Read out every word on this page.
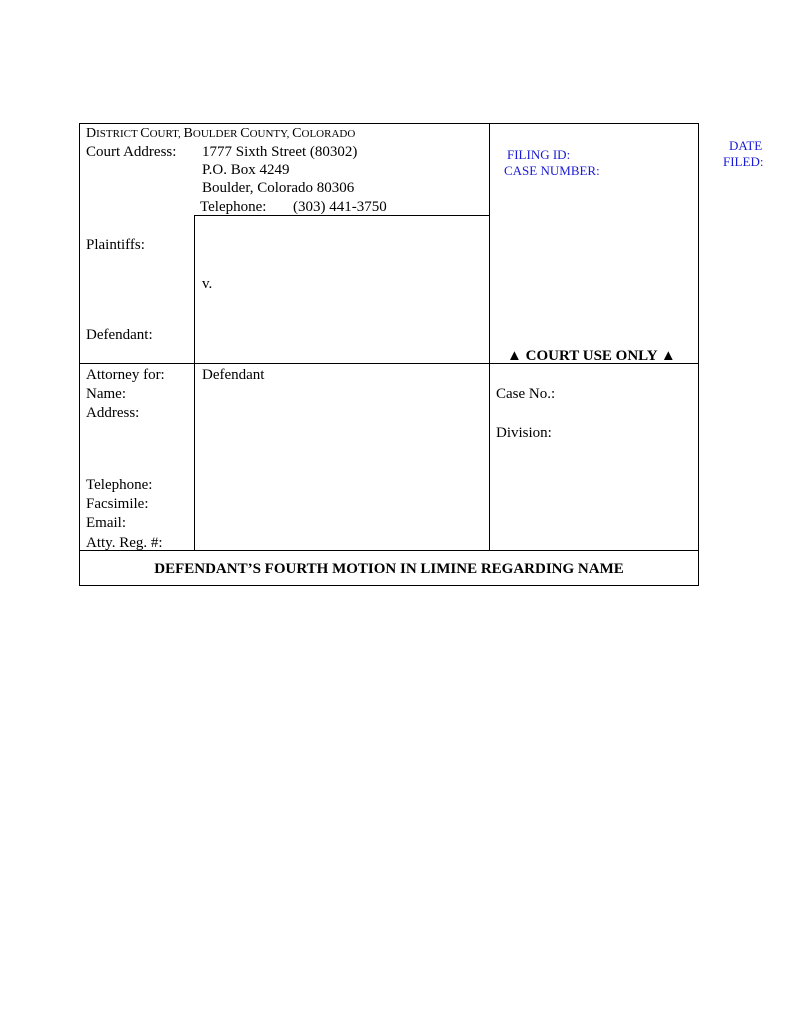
DISTRICT COURT, BOULDER COUNTY, COLORADO
Court Address: 1777 Sixth Street (80302)
P.O. Box 4249
Boulder, Colorado 80306
Telephone: (303) 441-3750
FILING ID:
CASE NUMBER:
DATE
FILED:
Plaintiffs:
v.
Defendant:
▲ COURT USE ONLY ▲
Attorney for: Defendant
Name:
Address:
Telephone:
Facsimile:
Email:
Atty. Reg. #:
Case No.:
Division:
DEFENDANT’S FOURTH MOTION IN LIMINE REGARDING NAME
